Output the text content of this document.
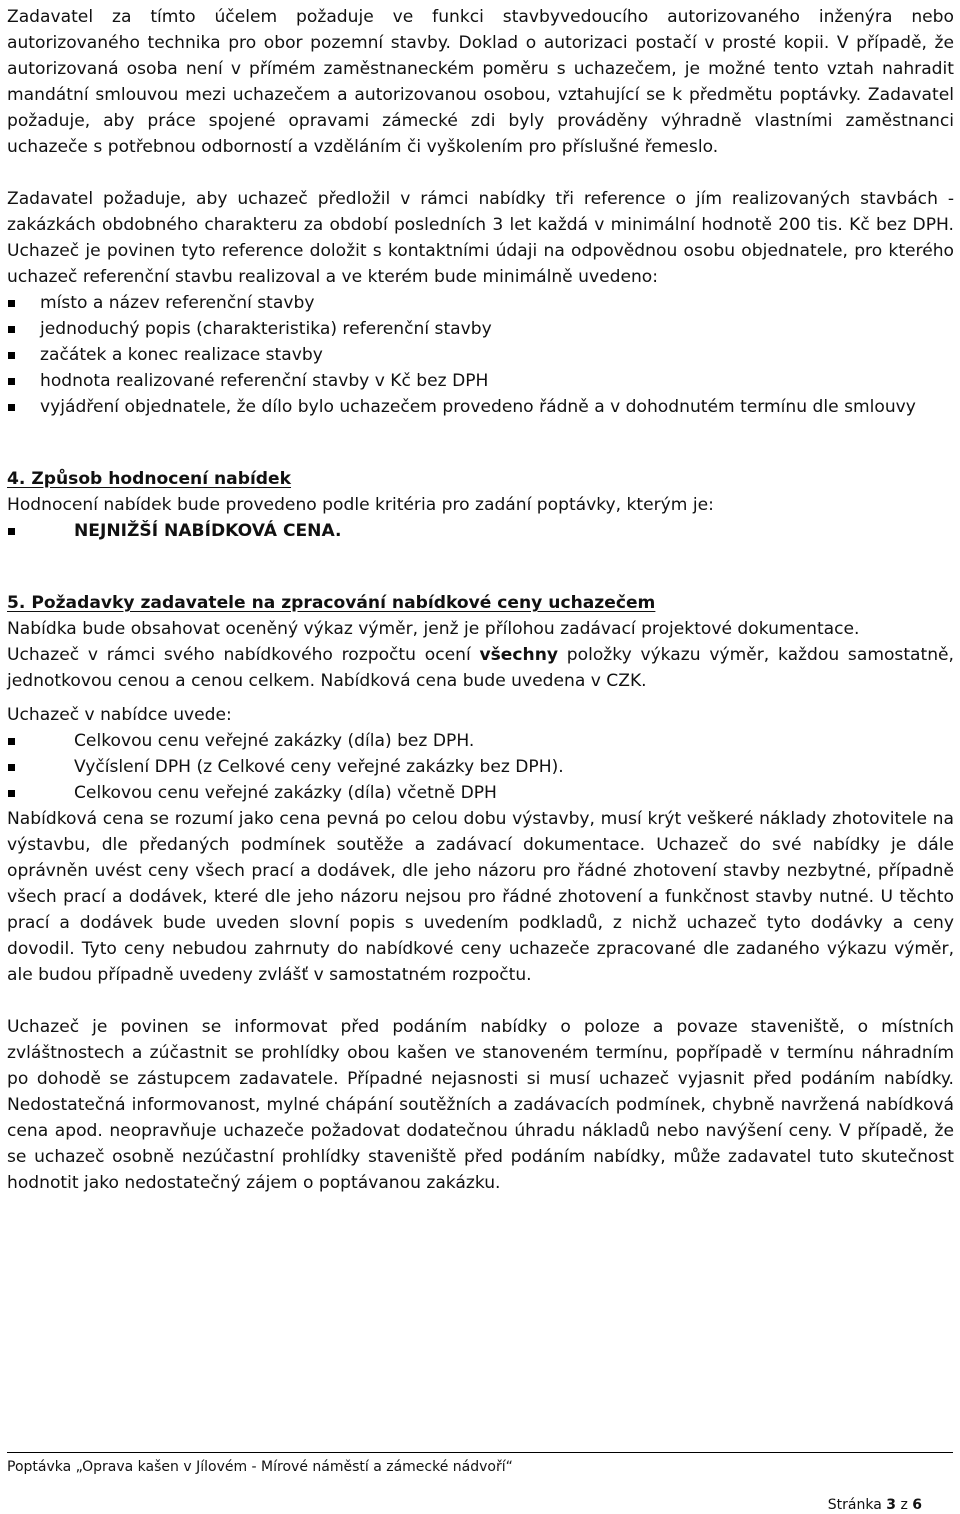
Zadavatel za tímto účelem požaduje ve funkci stavbyvedoucího autorizovaného inženýra nebo autorizovaného technika pro obor pozemní stavby. Doklad o autorizaci postačí v prosté kopii. V případě, že autorizovaná osoba není v přímém zaměstnaneckém poměru s uchazečem, je možné tento vztah nahradit mandátní smlouvou mezi uchazečem a autorizovanou osobou, vztahující se k předmětu poptávky. Zadavatel požaduje, aby práce spojené opravami zámecké zdi byly prováděny výhradně vlastními zaměstnanci uchazeče s potřebnou odborností a vzděláním či vyškolením pro příslušné řemeslo.

Zadavatel požaduje, aby uchazeč předložil v rámci nabídky tři reference o jím realizovaných stavbách - zakázkách obdobného charakteru za období posledních 3 let každá v minimální hodnotě 200 tis. Kč bez DPH. Uchazeč je povinen tyto reference doložit s kontaktními údaji na odpovědnou osobu objednatele, pro kterého uchazeč referenční stavbu realizoval a ve kterém bude minimálně uvedeno:

místo a název referenční stavby
jednoduchý popis (charakteristika) referenční stavby
začátek a konec realizace stavby
hodnota realizované referenční stavby v Kč bez DPH
vyjádření objednatele, že dílo bylo uchazečem provedeno řádně a v dohodnutém termínu dle smlouvy
4. Způsob hodnocení nabídek

Hodnocení nabídek bude provedeno podle kritéria pro zadání poptávky, kterým je:

NEJNIŽŠÍ NABÍDKOVÁ CENA.
5. Požadavky zadavatele na zpracování nabídkové ceny uchazečem

Nabídka bude obsahovat oceněný výkaz výměr, jenž je přílohou zadávací projektové dokumentace.

Uchazeč v rámci svého nabídkového rozpočtu ocení všechny položky výkazu výměr, každou samostatně, jednotkovou cenou a cenou celkem. Nabídková cena bude uvedena v CZK.

Uchazeč v nabídce uvede:

Celkovou cenu veřejné zakázky (díla) bez DPH.
Vyčíslení DPH (z Celkové ceny veřejné zakázky bez DPH).
Celkovou cenu veřejné zakázky (díla) včetně DPH

Nabídková cena se rozumí jako cena pevná po celou dobu výstavby, musí krýt veškeré náklady zhotovitele na výstavbu, dle předaných podmínek soutěže a zadávací dokumentace. Uchazeč do své nabídky je dále oprávněn uvést ceny všech prací a dodávek, dle jeho názoru pro řádné zhotovení stavby nezbytné, případně všech prací a dodávek, které dle jeho názoru nejsou pro řádné zhotovení a funkčnost stavby nutné. U těchto prací a dodávek bude uveden slovní popis s uvedením podkladů, z nichž uchazeč tyto dodávky a ceny dovodil. Tyto ceny nebudou zahrnuty do nabídkové ceny uchazeče zpracované dle zadaného výkazu výměr, ale budou případně uvedeny zvlášť v samostatném rozpočtu.

Uchazeč je povinen se informovat před podáním nabídky o poloze a povaze staveniště, o místních zvláštnostech a zúčastnit se prohlídky obou kašen ve stanoveném termínu, popřípadě v termínu náhradním po dohodě se zástupcem zadavatele. Případné nejasnosti si musí uchazeč vyjasnit před podáním nabídky. Nedostatečná informovanost, mylné chápání soutěžních a zadávacích podmínek, chybně navržená nabídková cena apod. neopravňuje uchazeče požadovat dodatečnou úhradu nákladů nebo navýšení ceny. V případě, že se uchazeč osobně nezúčastní prohlídky staveniště před podáním nabídky, může zadavatel tuto skutečnost hodnotit jako nedostatečný zájem o poptávanou zakázku.

Poptávka „Oprava kašen v Jílovém - Mírové náměstí a zámecké nádvoří“
Stránka 3 z 6
